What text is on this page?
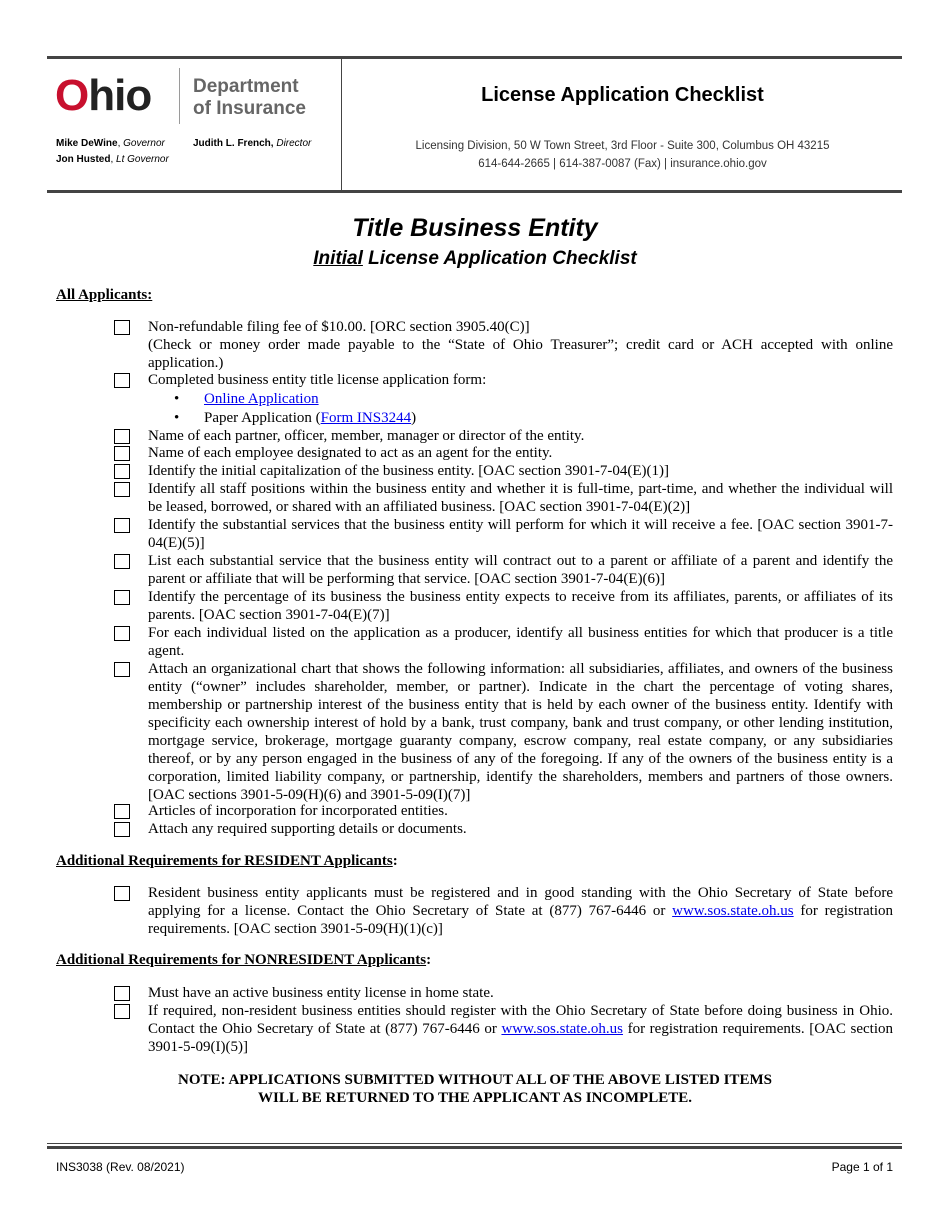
Ohio Department
of Insurance
Mike DeWine, Governor
Jon Husted, Lt Governor
Judith L. French, Director
License Application Checklist
Licensing Division, 50 W Town Street, 3rd Floor - Suite 300, Columbus OH 43215
614-644-2665 | 614-387-0087 (Fax) | insurance.ohio.gov
Title Business Entity
Initial License Application Checklist
All Applicants:
Non-refundable filing fee of $10.00. [ORC section 3905.40(C)]
(Check or money order made payable to the “State of Ohio Treasurer”; credit card or ACH accepted with online application.)
Completed business entity title license application form:
• Online Application
• Paper Application (Form INS3244)
Name of each partner, officer, member, manager or director of the entity.
Name of each employee designated to act as an agent for the entity.
Identify the initial capitalization of the business entity. [OAC section 3901-7-04(E)(1)]
Identify all staff positions within the business entity and whether it is full-time, part-time, and whether the individual will be leased, borrowed, or shared with an affiliated business. [OAC section 3901-7-04(E)(2)]
Identify the substantial services that the business entity will perform for which it will receive a fee. [OAC section 3901-7-04(E)(5)]
List each substantial service that the business entity will contract out to a parent or affiliate of a parent and identify the parent or affiliate that will be performing that service. [OAC section 3901-7-04(E)(6)]
Identify the percentage of its business the business entity expects to receive from its affiliates, parents, or affiliates of its parents. [OAC section 3901-7-04(E)(7)]
For each individual listed on the application as a producer, identify all business entities for which that producer is a title agent.
Attach an organizational chart that shows the following information: all subsidiaries, affiliates, and owners of the business entity (“owner” includes shareholder, member, or partner). Indicate in the chart the percentage of voting shares, membership or partnership interest of the business entity that is held by each owner of the business entity. Identify with specificity each ownership interest of hold by a bank, trust company, bank and trust company, or other lending institution, mortgage service, brokerage, mortgage guaranty company, escrow company, real estate company, or any subsidiaries thereof, or by any person engaged in the business of any of the foregoing. If any of the owners of the business entity is a corporation, limited liability company, or partnership, identify the shareholders, members and partners of those owners. [OAC sections 3901-5-09(H)(6) and 3901-5-09(I)(7)]
Articles of incorporation for incorporated entities.
Attach any required supporting details or documents.
Additional Requirements for RESIDENT Applicants:
Resident business entity applicants must be registered and in good standing with the Ohio Secretary of State before applying for a license. Contact the Ohio Secretary of State at (877) 767-6446 or www.sos.state.oh.us for registration requirements. [OAC section 3901-5-09(H)(1)(c)]
Additional Requirements for NONRESIDENT Applicants:
Must have an active business entity license in home state.
If required, non-resident business entities should register with the Ohio Secretary of State before doing business in Ohio. Contact the Ohio Secretary of State at (877) 767-6446 or www.sos.state.oh.us for registration requirements. [OAC section 3901-5-09(I)(5)]
NOTE: APPLICATIONS SUBMITTED WITHOUT ALL OF THE ABOVE LISTED ITEMS
WILL BE RETURNED TO THE APPLICANT AS INCOMPLETE.
INS3038 (Rev. 08/2021)	Page 1 of 1
